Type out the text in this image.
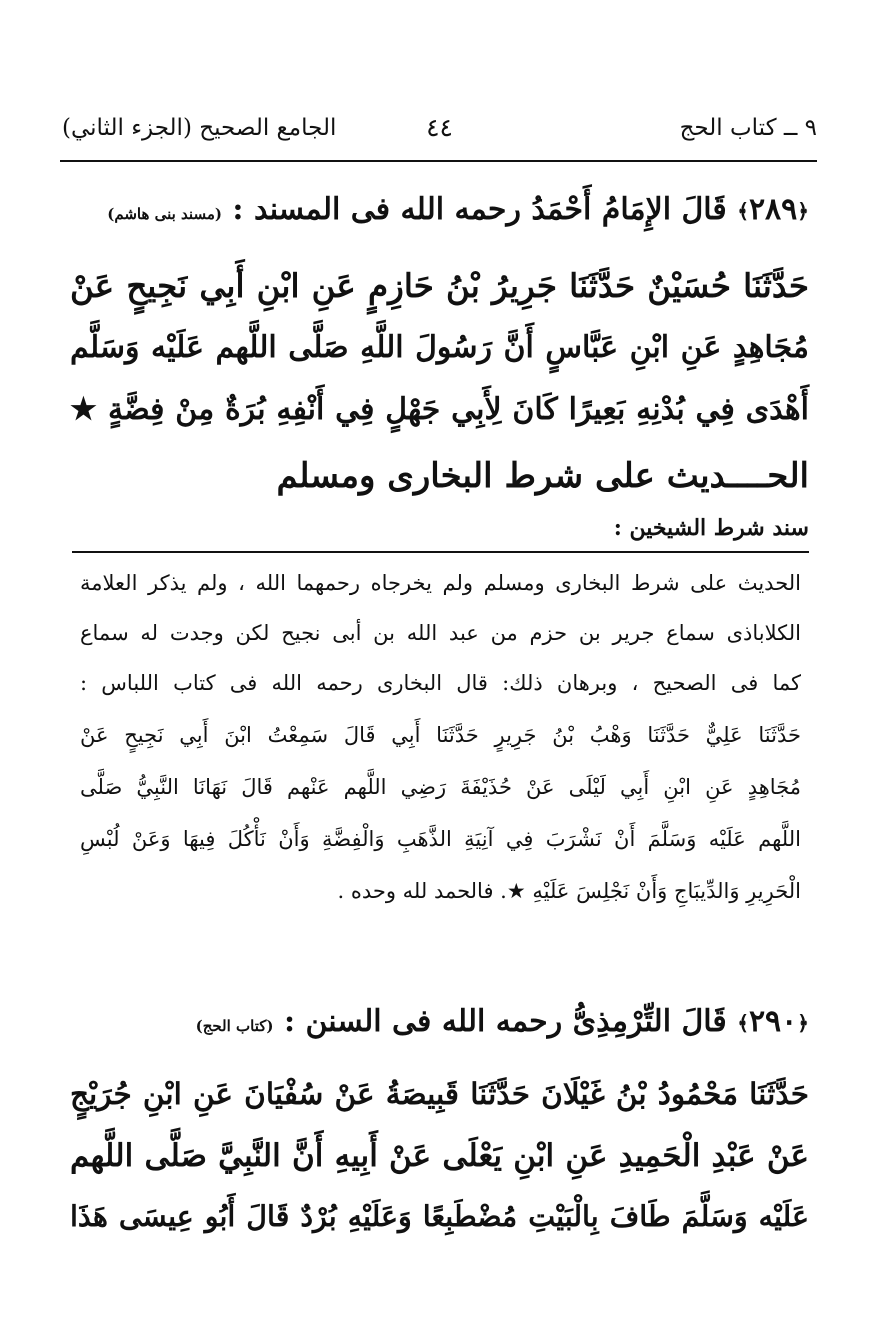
٩ ــ كتاب الحج
٤٤
الجامع الصحيح (الجزء الثاني)
﴿٢٨٩﴾ قَالَ الإِمَامُ أَحْمَدُ رحمه الله فى المسند : (مسند بنى هاشم)
حَدَّثَنَا حُسَيْنٌ حَدَّثَنَا جَرِيرُ بْنُ حَازِمٍ عَنِ ابْنِ أَبِي نَجِيحٍ عَنْ
مُجَاهِدٍ عَنِ ابْنِ عَبَّاسٍ أَنَّ رَسُولَ اللَّهِ صَلَّى اللَّهم عَلَيْه وَسَلَّم
أَهْدَى فِي بُدْنِهِ بَعِيرًا كَانَ لِأَبِي جَهْلٍ فِي أَنْفِهِ بُرَةٌ مِنْ فِضَّةٍ ★
الحــــديث على شرط البخارى ومسلم
سند شرط الشيخين :
الحديث على شرط البخارى ومسلم ولم يخرجاه رحمهما الله ، ولم يذكر العلامة
الكلاباذى سماع جرير بن حزم من عبد الله بن أبى نجيح لكن وجدت له سماع
كما فى الصحيح ، وبرهان ذلك: قال البخارى رحمه الله فى كتاب اللباس :
حَدَّثَنَا عَلِيٌّ حَدَّثَنَا وَهْبُ بْنُ جَرِيرٍ حَدَّثَنَا أَبِي قَالَ سَمِعْتُ ابْنَ أَبِي نَجِيحٍ عَنْ
مُجَاهِدٍ عَنِ ابْنِ أَبِي لَيْلَى عَنْ حُذَيْفَةَ رَضِي اللَّهم عَنْهم قَالَ نَهَانَا النَّبِيُّ صَلَّى
اللَّهم عَلَيْه وَسَلَّمَ أَنْ نَشْرَبَ فِي آنِيَةِ الذَّهَبِ وَالْفِضَّةِ وَأَنْ نَأْكُلَ فِيهَا وَعَنْ لُبْسِ
الْحَرِيرِ وَالدِّيبَاجِ وَأَنْ نَجْلِسَ عَلَيْهِ ★. فالحمد لله وحده .
﴿٢٩٠﴾ قَالَ التِّرْمِذِىُّ رحمه الله فى السنن : (كتاب الحج)
حَدَّثَنَا مَحْمُودُ بْنُ غَيْلَانَ حَدَّثَنَا قَبِيصَةُ عَنْ سُفْيَانَ عَنِ ابْنِ جُرَيْجٍ
عَنْ عَبْدِ الْحَمِيدِ عَنِ ابْنِ يَعْلَى عَنْ أَبِيهِ أَنَّ النَّبِيَّ صَلَّى اللَّهم
عَلَيْه وَسَلَّمَ طَافَ بِالْبَيْتِ مُضْطَبِعًا وَعَلَيْهِ بُرْدٌ قَالَ أَبُو عِيسَى هَذَا
